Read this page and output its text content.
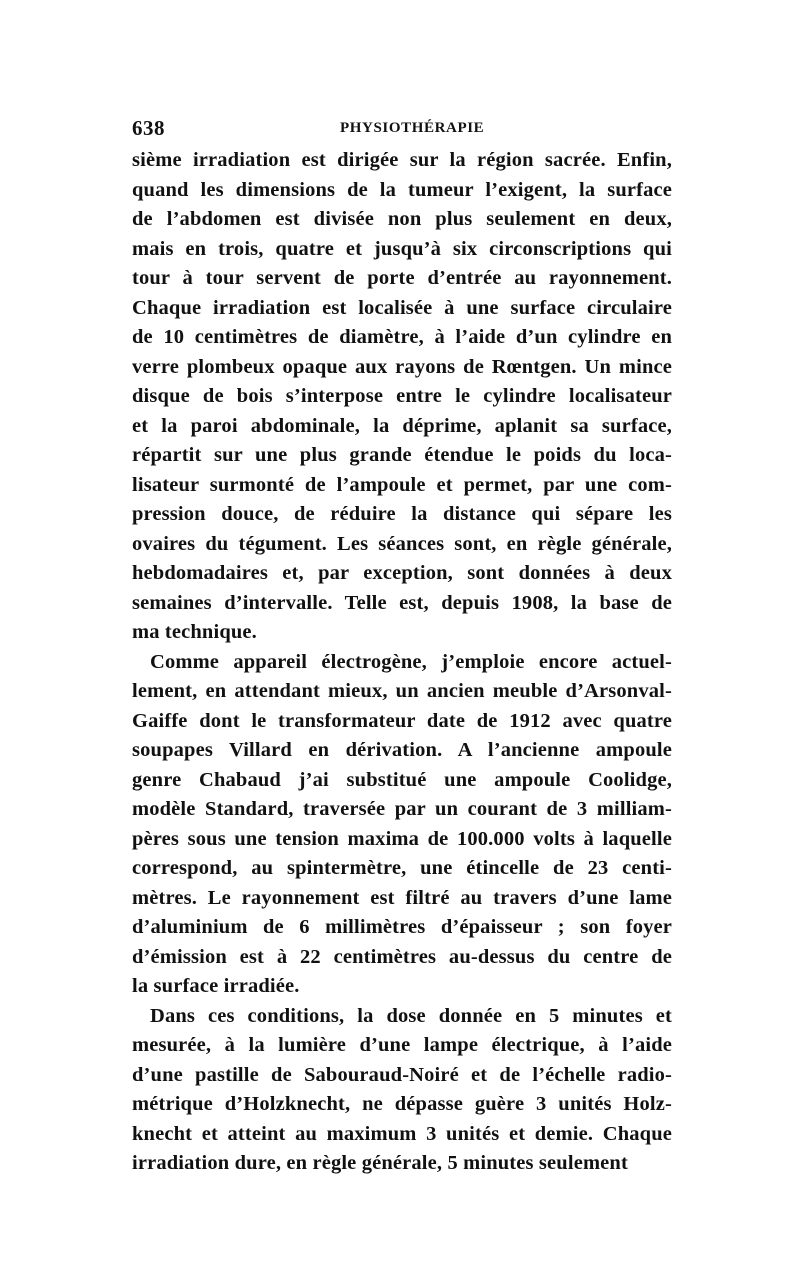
638	PHYSIOTHÉRAPIE
sième irradiation est dirigée sur la région sacrée. Enfin,
quand les dimensions de la tumeur l’exigent, la surface
de l’abdomen est divisée non plus seulement en deux,
mais en trois, quatre et jusqu’à six circonscriptions qui
tour à tour servent de porte d’entrée au rayonnement.
Chaque irradiation est localisée à une surface circulaire
de 10 centimètres de diamètre, à l’aide d’un cylindre en
verre plombeux opaque aux rayons de Rœntgen. Un mince
disque de bois s’interpose entre le cylindre localisateur
et la paroi abdominale, la déprime, aplanit sa surface,
répartit sur une plus grande étendue le poids du loca-
lisateur surmonté de l’ampoule et permet, par une com-
pression douce, de réduire la distance qui sépare les
ovaires du tégument. Les séances sont, en règle générale,
hebdomadaires et, par exception, sont données à deux
semaines d’intervalle. Telle est, depuis 1908, la base de
ma technique.
Comme appareil électrogène, j’emploie encore actuel-
lement, en attendant mieux, un ancien meuble d’Arsonval-
Gaiffe dont le transformateur date de 1912 avec quatre
soupapes Villard en dérivation. A l’ancienne ampoule
genre Chabaud j’ai substitué une ampoule Coolidge,
modèle Standard, traversée par un courant de 3 milliam-
pères sous une tension maxima de 100.000 volts à laquelle
correspond, au spintermètre, une étincelle de 23 centi-
mètres. Le rayonnement est filtré au travers d’une lame
d’aluminium de 6 millimètres d’épaisseur ; son foyer
d’émission est à 22 centimètres au-dessus du centre de
la surface irradiée.
Dans ces conditions, la dose donnée en 5 minutes et
mesurée, à la lumière d’une lampe électrique, à l’aide
d’une pastille de Sabouraud-Noiré et de l’échelle radio-
métrique d’Holzknecht, ne dépasse guère 3 unités Holz-
knecht et atteint au maximum 3 unités et demie. Chaque
irradiation dure, en règle générale, 5 minutes seulement
